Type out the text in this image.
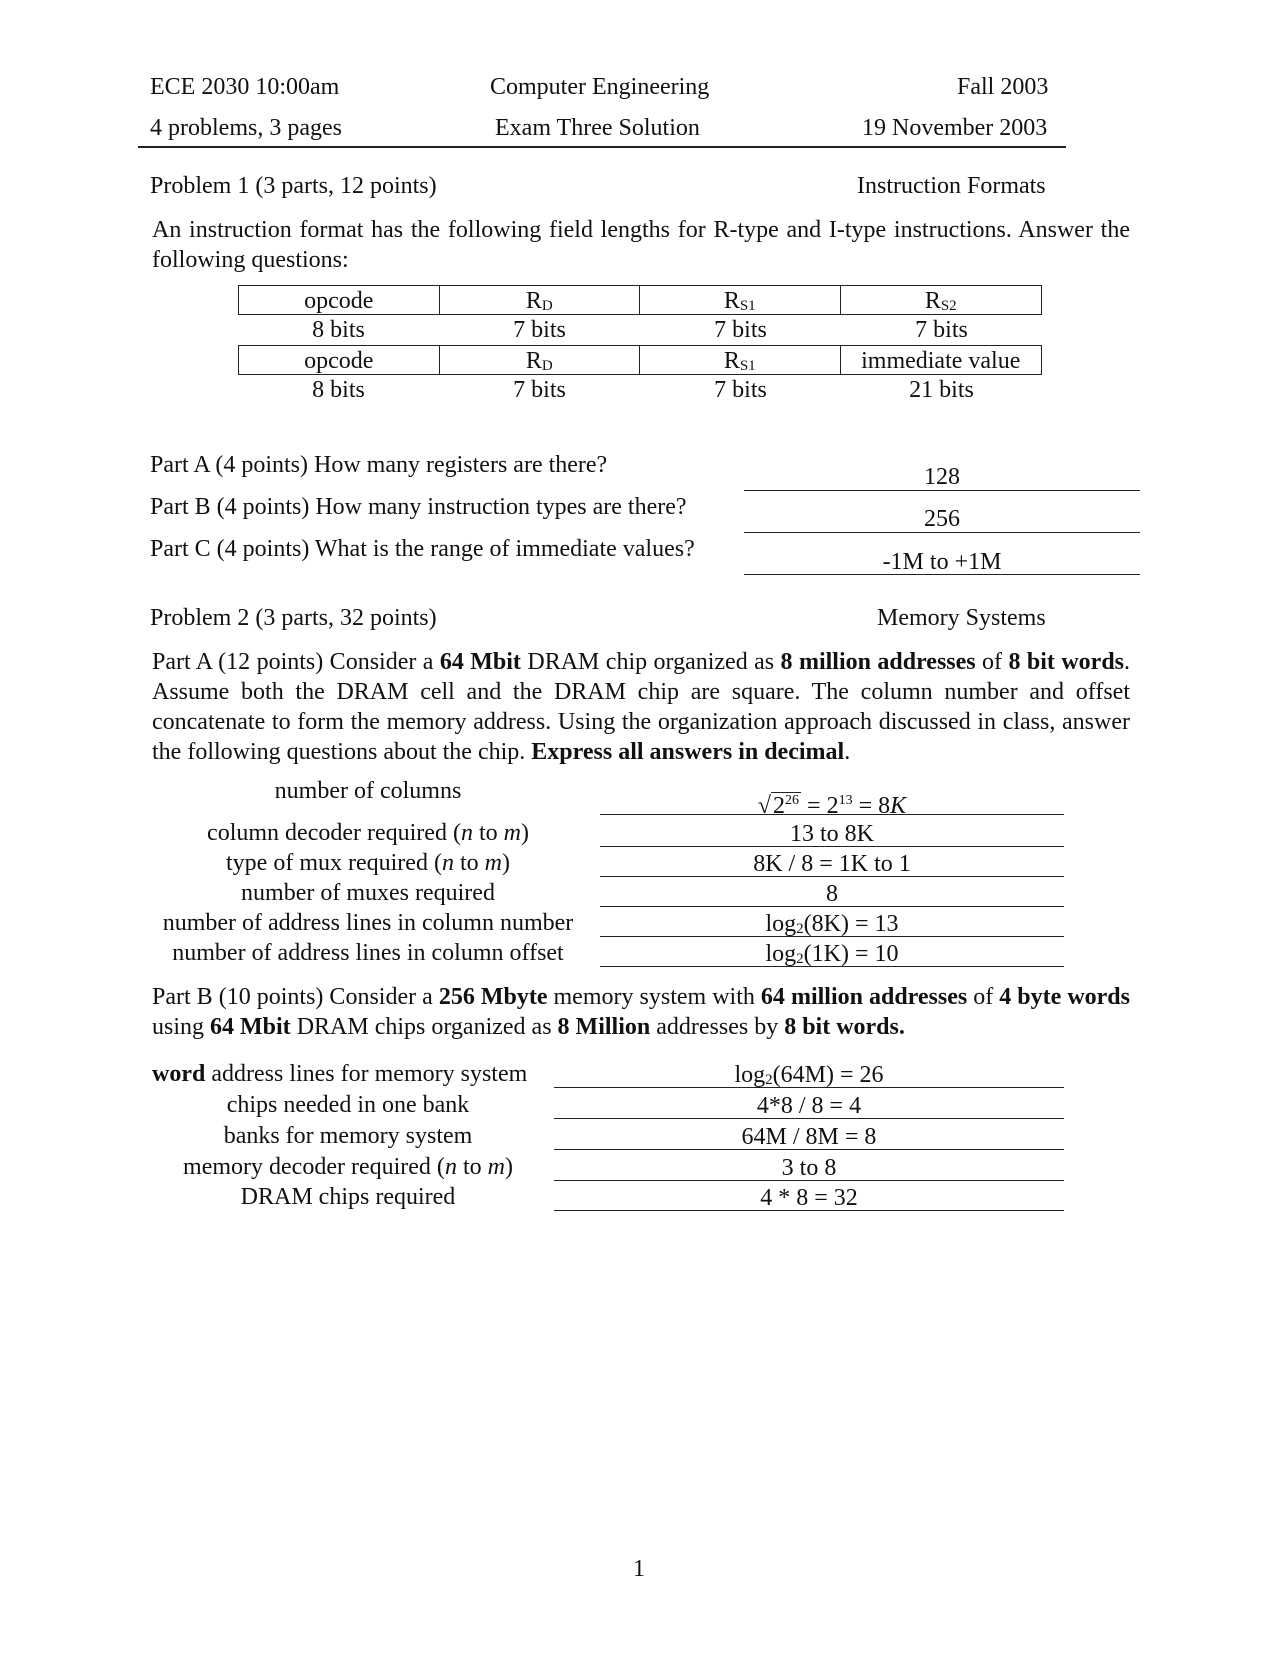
ECE 2030 10:00am	Computer Engineering	Fall 2003
4 problems, 3 pages	Exam Three Solution	19 November 2003
Problem 1 (3 parts, 12 points)	Instruction Formats
An instruction format has the following field lengths for R-type and I-type instructions. Answer the following questions:
opcode	$R_D$	$R_{S1}$	$R_{S2}$
8 bits	7 bits	7 bits	7 bits
opcode	$R_D$	$R_{S1}$	immediate value
8 bits	7 bits	7 bits	21 bits
Part A (4 points) How many registers are there?	128
Part B (4 points) How many instruction types are there?	256
Part C (4 points) What is the range of immediate values?	-1M to +1M
Problem 2 (3 parts, 32 points)	Memory Systems
Part A (12 points) Consider a 64 Mbit DRAM chip organized as 8 million addresses of 8 bit words. Assume both the DRAM cell and the DRAM chip are square. The column number and offset concatenate to form the memory address. Using the organization approach discussed in class, answer the following questions about the chip. Express all answers in decimal.
number of columns
$√2^{26} = 2^{13} = 8K$
column decoder required (n to m)	13 to 8K
type of mux required (n to m)	8K / 8 = 1K to 1
number of muxes required	8
number of address lines in column number	$\log_2(8K) = 13$
number of address lines in column offset	$\log_2(1K) = 10$
Part B (10 points) Consider a 256 Mbyte memory system with 64 million addresses of 4 byte words using 64 Mbit DRAM chips organized as 8 Million addresses by 8 bit words.
word address lines for memory system	$\log_2(64M) = 26$
chips needed in one bank	4*8 / 8 = 4
banks for memory system	64M / 8M = 8
memory decoder required (n to m)	3 to 8
DRAM chips required	4 * 8 = 32
1
